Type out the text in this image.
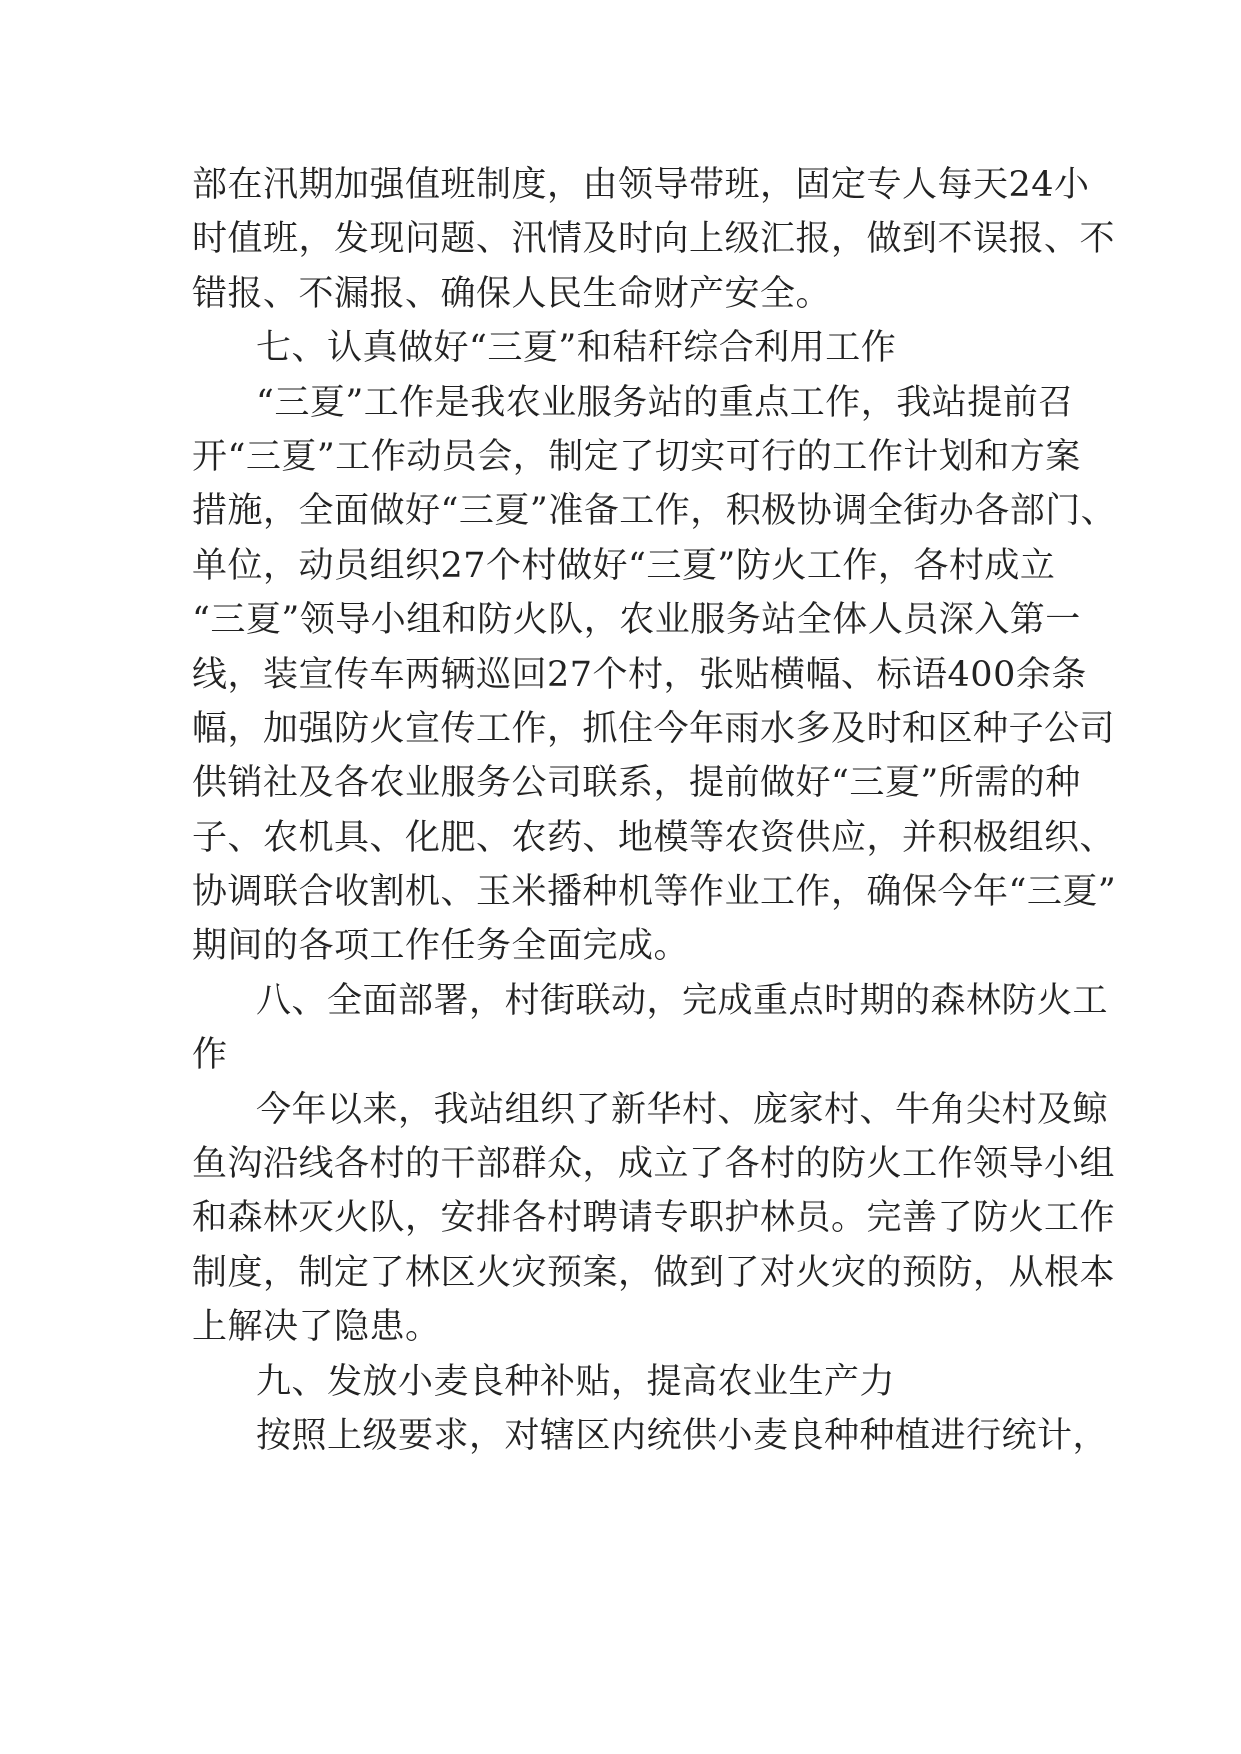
部在汛期加强值班制度，由领导带班，固定专人每天24小
时值班，发现问题、汛情及时向上级汇报，做到不误报、不
错报、不漏报、确保人民生命财产安全。
七、认真做好“三夏”和秸秆综合利用工作
“三夏”工作是我农业服务站的重点工作，我站提前召
开“三夏”工作动员会，制定了切实可行的工作计划和方案
措施，全面做好“三夏”准备工作，积极协调全街办各部门、
单位，动员组织27个村做好“三夏”防火工作，各村成立
“三夏”领导小组和防火队，农业服务站全体人员深入第一
线，装宣传车两辆巡回27个村，张贴横幅、标语400余条
幅，加强防火宣传工作，抓住今年雨水多及时和区种子公司
供销社及各农业服务公司联系，提前做好“三夏”所需的种
子、农机具、化肥、农药、地模等农资供应，并积极组织、
协调联合收割机、玉米播种机等作业工作，确保今年“三夏”
期间的各项工作任务全面完成。
八、全面部署，村街联动，完成重点时期的森林防火工
作
今年以来，我站组织了新华村、庞家村、牛角尖村及鲸
鱼沟沿线各村的干部群众，成立了各村的防火工作领导小组
和森林灭火队，安排各村聘请专职护林员。完善了防火工作
制度，制定了林区火灾预案，做到了对火灾的预防，从根本
上解决了隐患。
九、发放小麦良种补贴，提高农业生产力
按照上级要求，对辖区内统供小麦良种种植进行统计，
